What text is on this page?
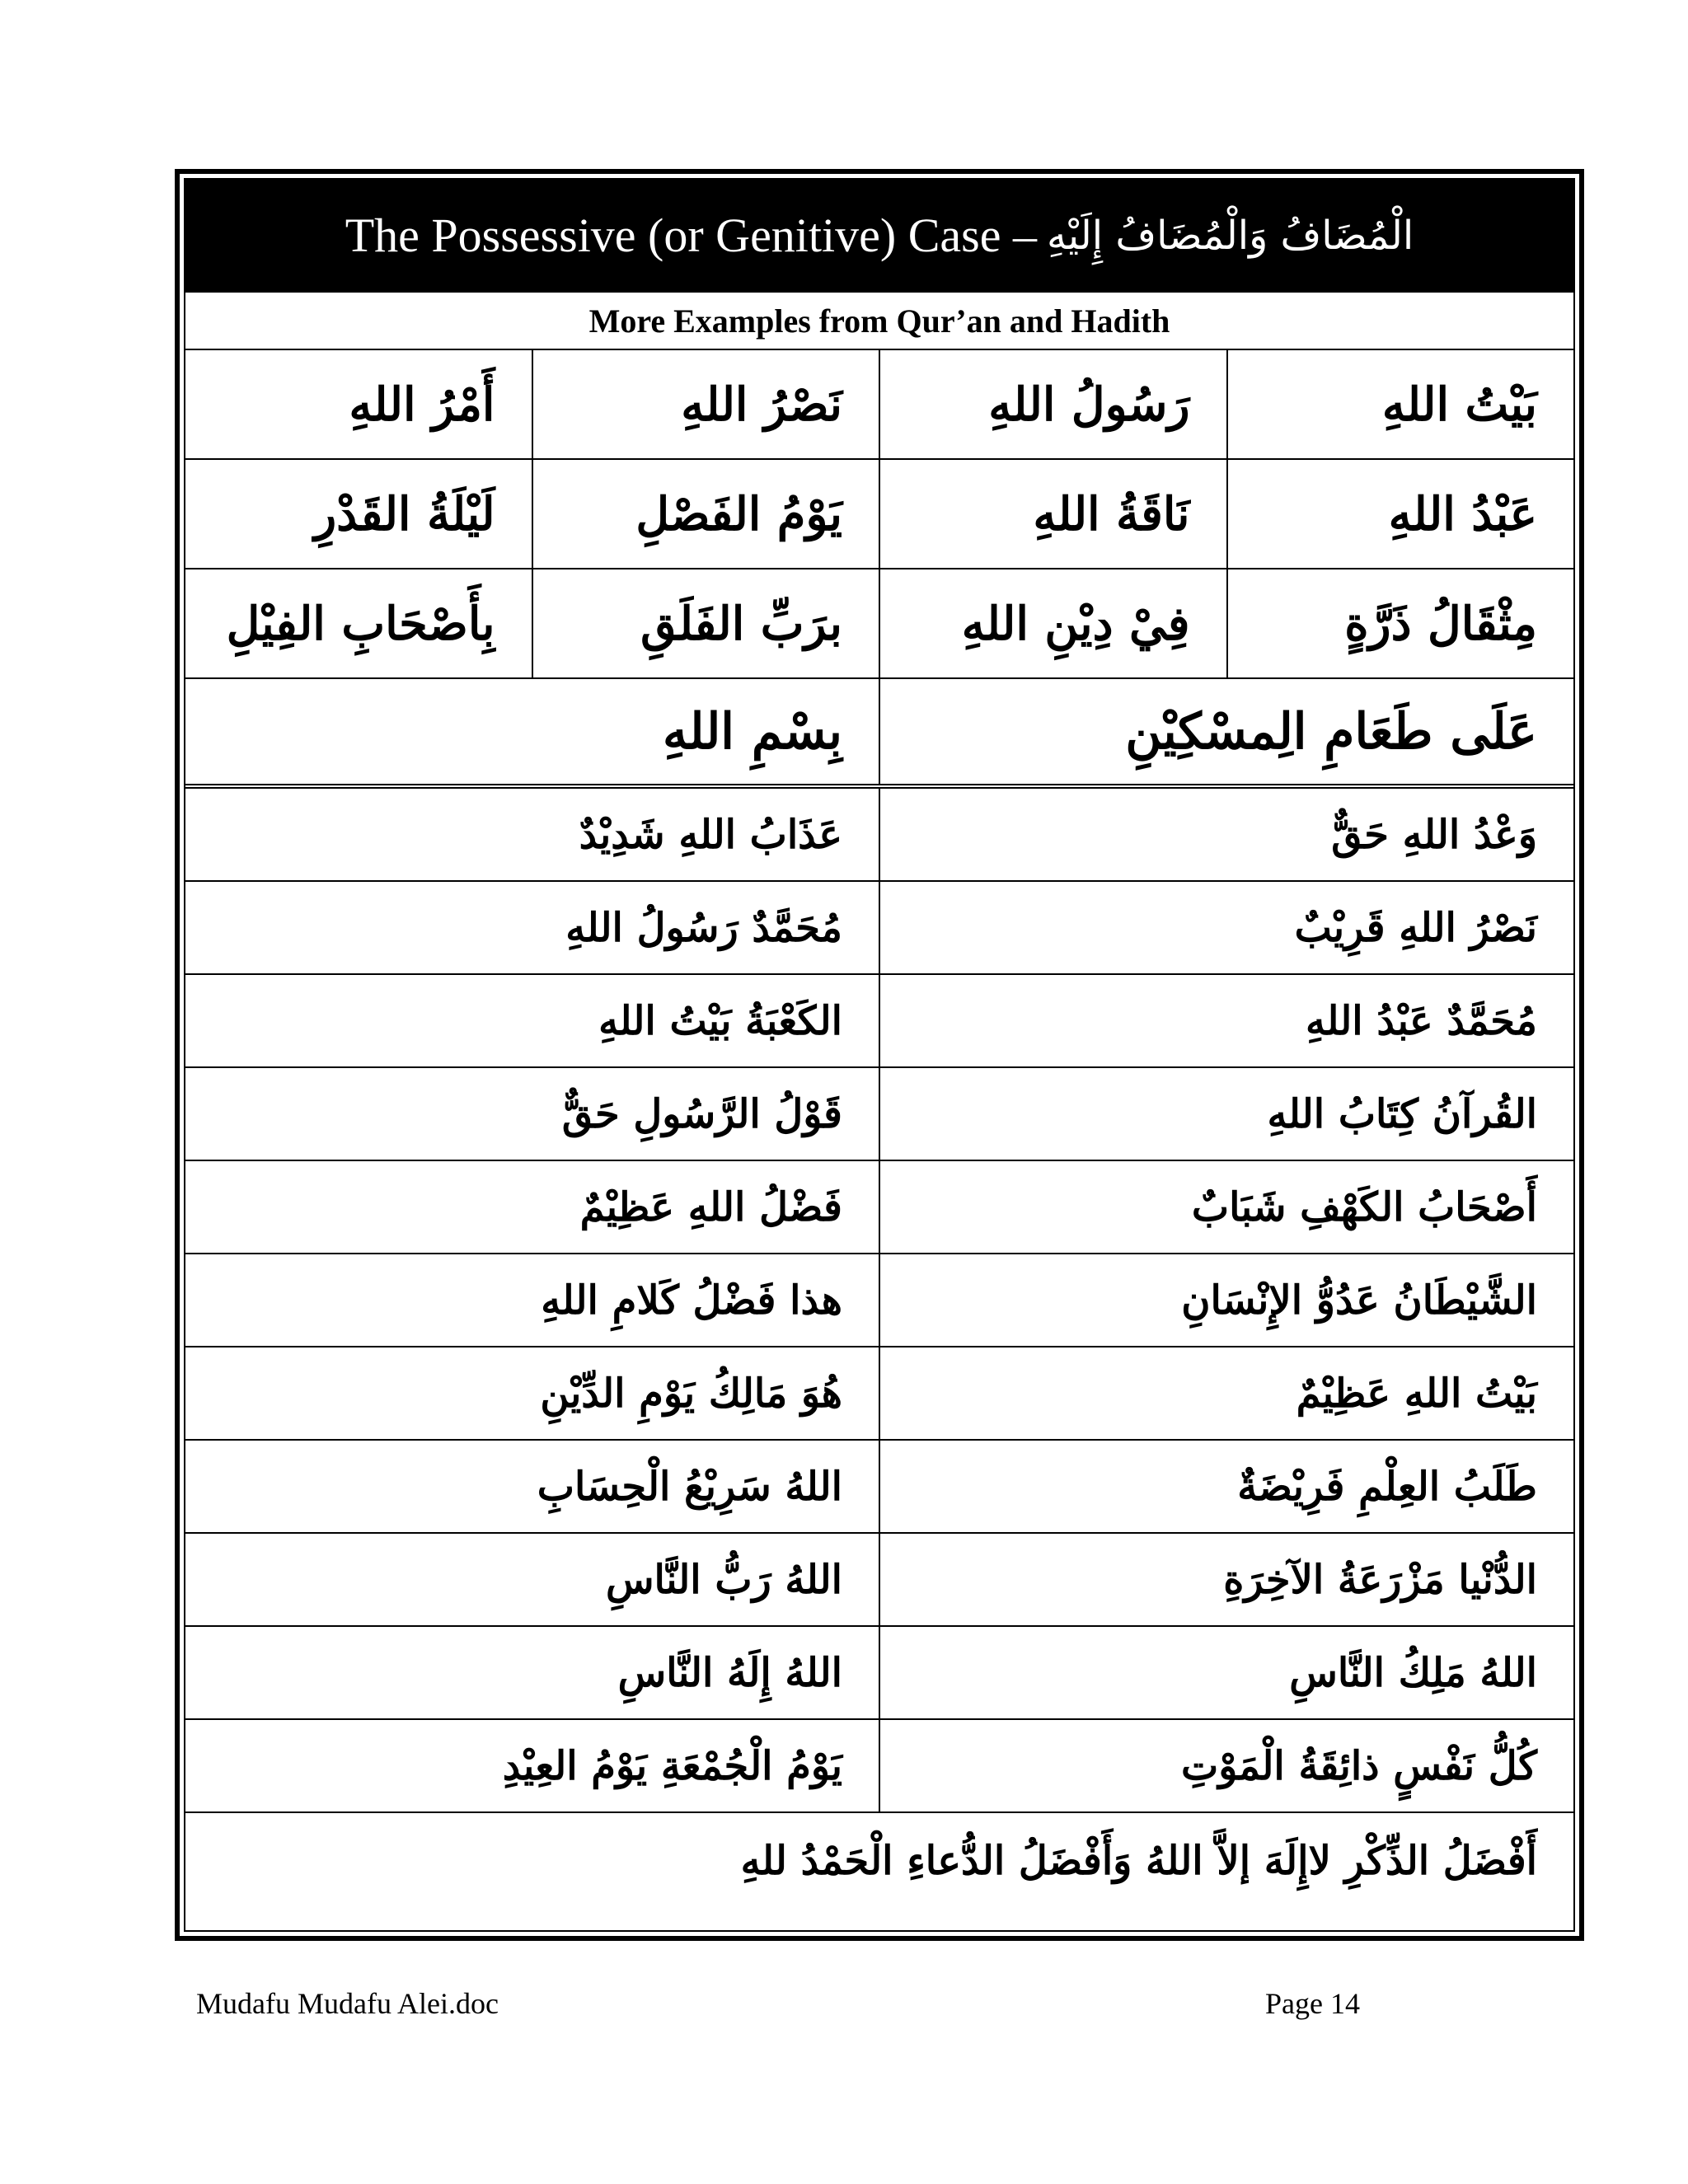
The Possessive (or Genitive) Case – الْمُضَافُ وَالْمُضَافُ إِلَيْهِ
More Examples from Qur’an and Hadith
بَيْتُ اللهِ
رَسُولُ اللهِ
نَصْرُ اللهِ
أَمْرُ اللهِ
عَبْدُ اللهِ
نَاقَةُ اللهِ
يَوْمُ الفَصْلِ
لَيْلَةُ القَدْرِ
مِثْقَالُ ذَرَّةٍ
فِيْ دِيْنِ اللهِ
برَبِّ الفَلَقِ
بِأَصْحَابِ الفِيْلِ
عَلَى طَعَامِ الِمسْكِيْنِ
بِسْمِ اللهِ
وَعْدُ اللهِ حَقٌّ
عَذَابُ اللهِ شَدِيْدٌ
نَصْرُ اللهِ قَرِيْبٌ
مُحَمَّدٌ رَسُولُ اللهِ
مُحَمَّدٌ عَبْدُ اللهِ
الكَعْبَةُ بَيْتُ اللهِ
القُرآنُ كِتَابُ اللهِ
قَوْلُ الرَّسُولِ حَقٌّ
أَصْحَابُ الكَهْفِ شَبَابٌ
فَضْلُ اللهِ عَظِيْمٌ
الشَّيْطَانُ عَدُوُّ الإِنْسَانِ
هذا فَضْلُ كَلامِ اللهِ
بَيْتُ اللهِ عَظِيْمٌ
هُوَ مَالِكُ يَوْمِ الدِّيْنِ
طَلَبُ العِلْمِ فَرِيْضَةٌ
اللهُ سَرِيْعُ الْحِسَابِ
الدُّنْيا مَزْرَعَةُ الآخِرَةِ
اللهُ رَبُّ النَّاسِ
اللهُ مَلِكُ النَّاسِ
اللهُ إِلَهُ النَّاسِ
كُلُّ نَفْسٍ ذائِقَةُ الْمَوْتِ
يَوْمُ الْجُمْعَةِ يَوْمُ العِيْدِ
أَفْضَلُ الذِّكْرِ لاإِلَهَ إلاَّ اللهُ وَأَفْضَلُ الدُّعاءِ الْحَمْدُ للهِ
Mudafu Mudafu Alei.doc	Page 14
